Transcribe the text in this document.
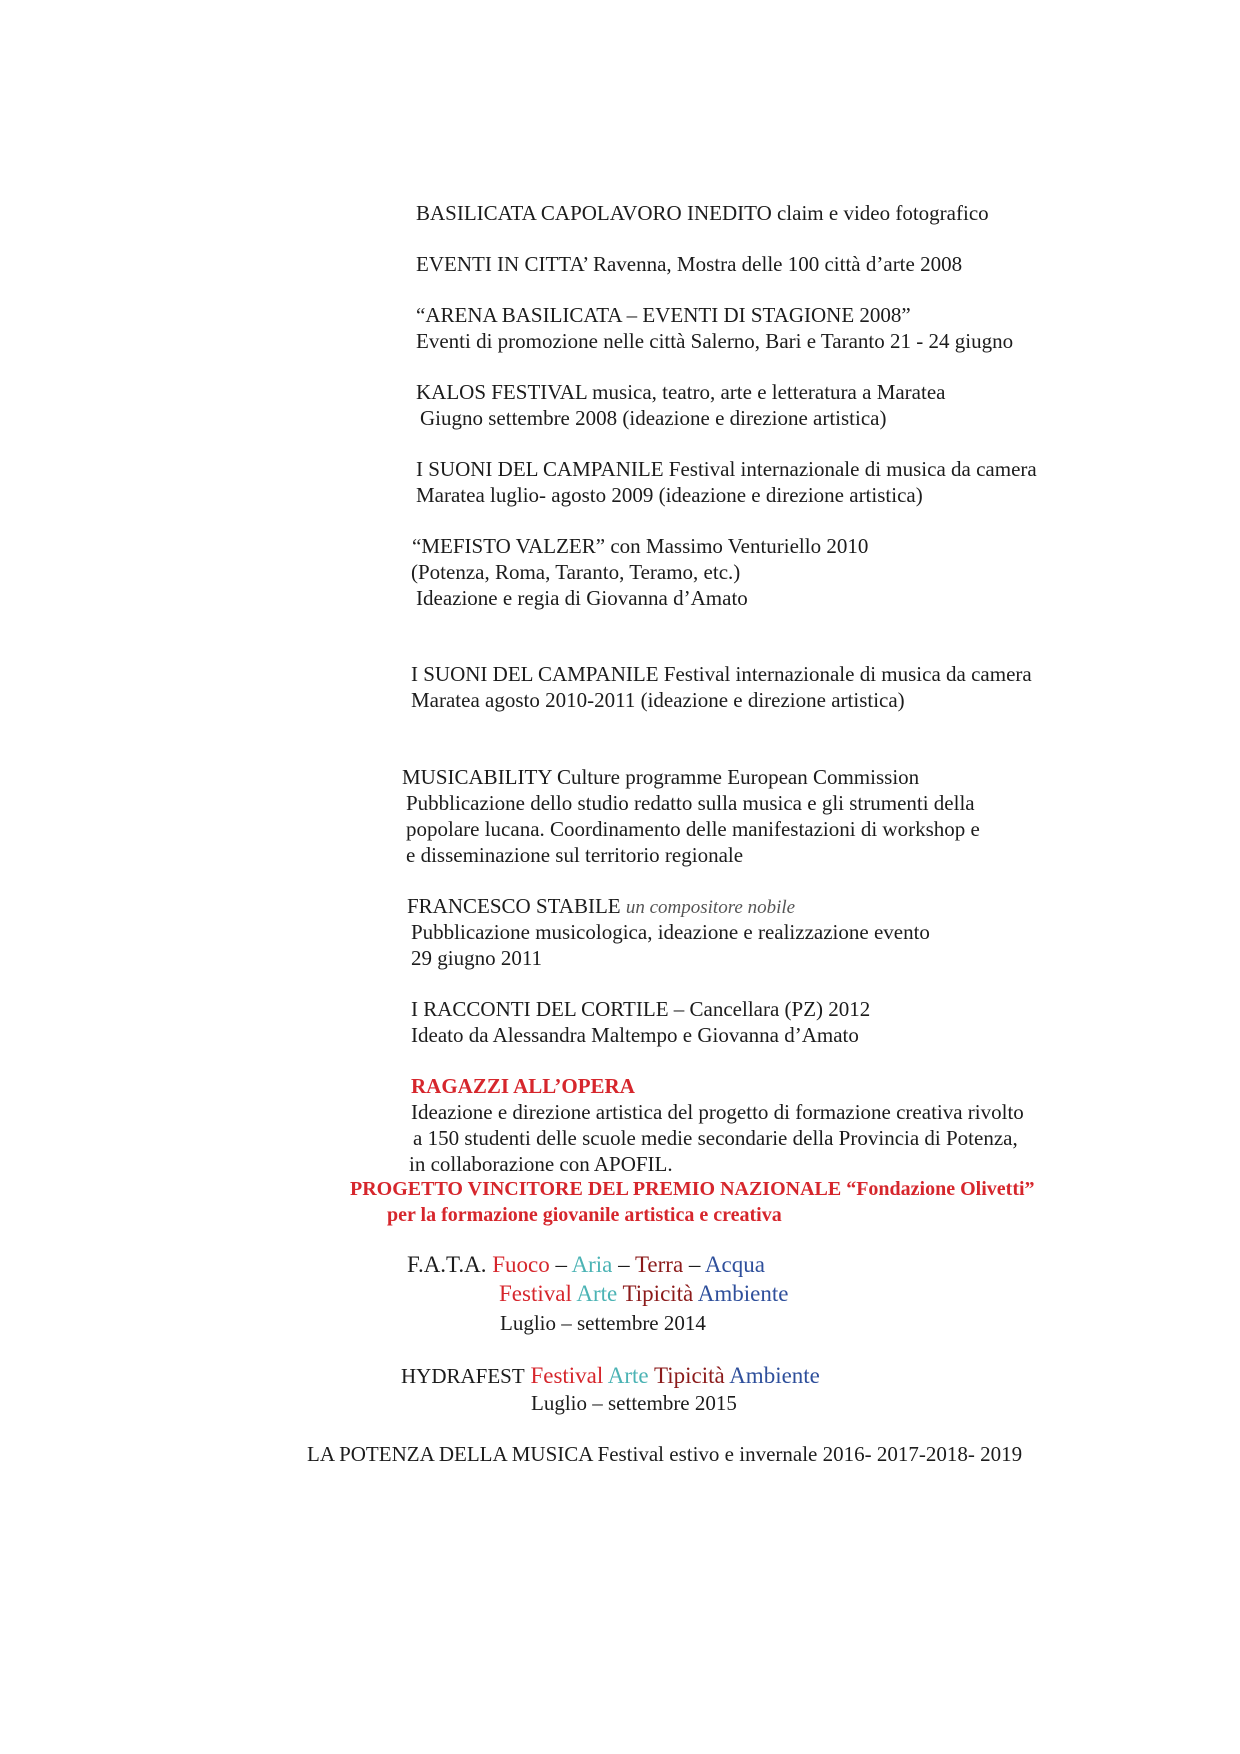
BASILICATA CAPOLAVORO INEDITO claim e video fotografico
EVENTI IN CITTA’ Ravenna, Mostra delle 100 città d’arte 2008
“ARENA BASILICATA – EVENTI DI STAGIONE 2008”
Eventi di promozione nelle città Salerno, Bari e Taranto 21 - 24 giugno
KALOS FESTIVAL musica, teatro, arte e letteratura a Maratea
Giugno settembre 2008 (ideazione e direzione artistica)
I SUONI DEL CAMPANILE Festival internazionale di musica da camera
Maratea luglio- agosto 2009 (ideazione e direzione artistica)
“MEFISTO VALZER” con Massimo Venturiello 2010
(Potenza, Roma, Taranto, Teramo, etc.)
Ideazione e regia di Giovanna d’Amato
I SUONI DEL CAMPANILE Festival internazionale di musica da camera
Maratea agosto 2010-2011 (ideazione e direzione artistica)
MUSICABILITY Culture programme European Commission
Pubblicazione dello studio redatto sulla musica e gli strumenti della
popolare lucana. Coordinamento delle manifestazioni di workshop e
e disseminazione sul territorio regionale
FRANCESCO STABILE un compositore nobile
Pubblicazione musicologica, ideazione e realizzazione evento
29 giugno 2011
I RACCONTI DEL CORTILE – Cancellara (PZ) 2012
Ideato da Alessandra Maltempo e Giovanna d’Amato
RAGAZZI ALL’OPERA
Ideazione e direzione artistica del progetto di formazione creativa rivolto
a 150 studenti delle scuole medie secondarie della Provincia di Potenza,
in collaborazione con APOFIL.
PROGETTO VINCITORE DEL PREMIO NAZIONALE “Fondazione Olivetti”
per la formazione giovanile artistica e creativa
F.A.T.A. Fuoco – Aria – Terra – Acqua
Festival Arte Tipicità Ambiente
Luglio – settembre 2014
HYDRAFEST Festival Arte Tipicità Ambiente
Luglio – settembre 2015
LA POTENZA DELLA MUSICA Festival estivo e invernale 2016- 2017-2018- 2019
